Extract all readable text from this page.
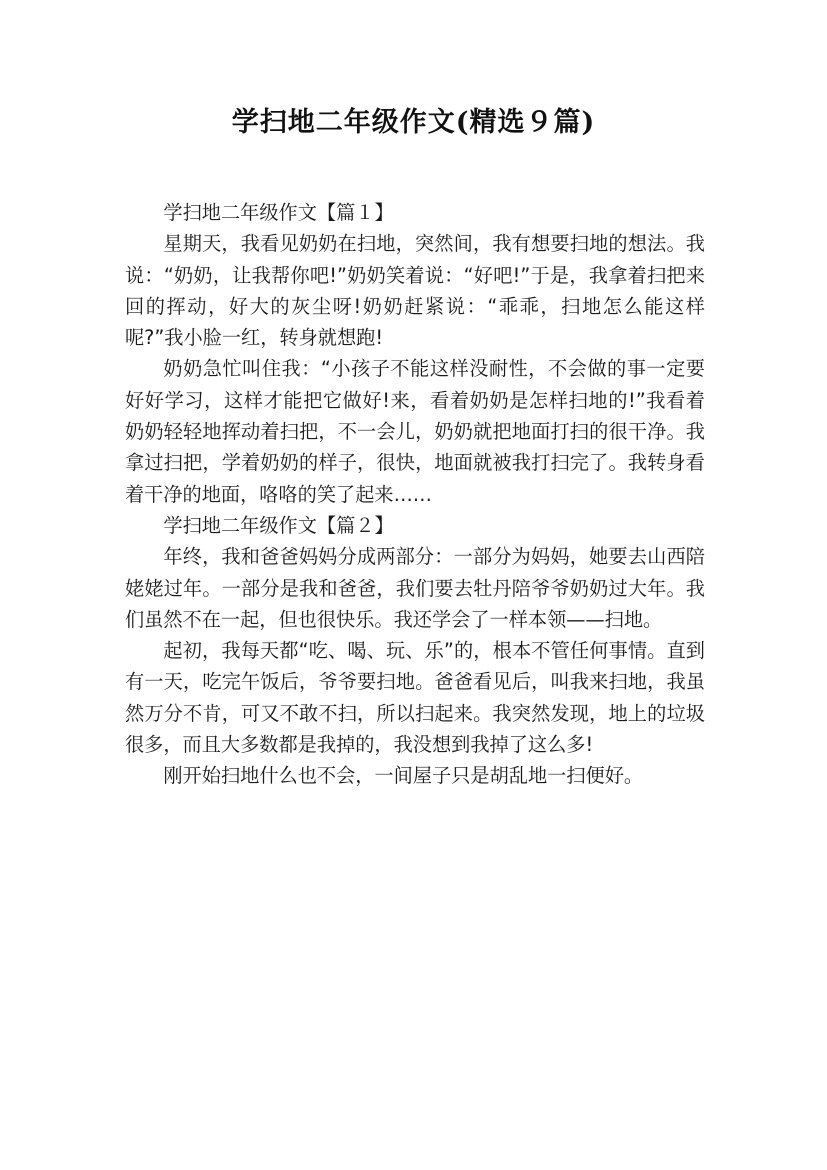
学扫地二年级作文(精选９篇)

学扫地二年级作文【篇１】

星期天，我看见奶奶在扫地，突然间，我有想要扫地的想法。我说：“奶奶，让我帮你吧!”奶奶笑着说：“好吧!”于是，我拿着扫把来回的挥动，好大的灰尘呀!奶奶赶紧说：“乖乖，扫地怎么能这样呢?”我小脸一红，转身就想跑!

奶奶急忙叫住我：“小孩子不能这样没耐性，不会做的事一定要好好学习，这样才能把它做好!来，看着奶奶是怎样扫地的!”我看着奶奶轻轻地挥动着扫把，不一会儿，奶奶就把地面打扫的很干净。我拿过扫把，学着奶奶的样子，很快，地面就被我打扫完了。我转身看着干净的地面，咯咯的笑了起来……

学扫地二年级作文【篇２】

年终，我和爸爸妈妈分成两部分：一部分为妈妈，她要去山西陪姥姥过年。一部分是我和爸爸，我们要去牡丹陪爷爷奶奶过大年。我们虽然不在一起，但也很快乐。我还学会了一样本领——扫地。

起初，我每天都“吃、喝、玩、乐”的，根本不管任何事情。直到有一天，吃完午饭后，爷爷要扫地。爸爸看见后，叫我来扫地，我虽然万分不肯，可又不敢不扫，所以扫起来。我突然发现，地上的垃圾很多，而且大多数都是我掉的，我没想到我掉了这么多!

刚开始扫地什么也不会，一间屋子只是胡乱地一扫便好。
